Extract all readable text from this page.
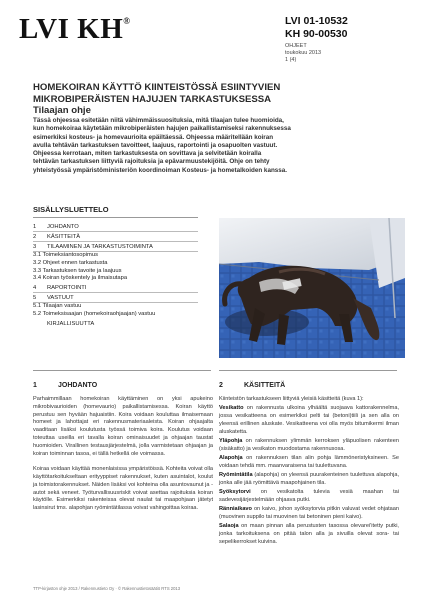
LVI KH®	LVI 01-10532
KH 90-00530
OHJEET
toukokuu 2013
1 (4)
HOMEKOIRAN KÄYTTÖ KIINTEISTÖSSÄ ESIINTYVIEN
MIKROBIPERÄISTEN HAJUJEN TARKASTUKSESSA
Tilaajan ohje
Tässä ohjeessa esitetään niitä vähimmäissuosituksia, mitä tilaajan tulee huomioida,
kun homekoiraa käytetään mikrobiperäisten hajujen paikallistamiseksi rakennuksessa
esimerkiksi kosteus- ja homevaurioita epäiltäessä. Ohjeessa määritellään koiran
avulla tehtävän tarkastuksen tavoitteet, laajuus, raportointi ja osapuolten vastuut.
Ohjeessa kerrotaan, miten tarkastuksesta on sovittava ja selvitetään koiralla
tehtävän tarkastuksen liittyviä rajoituksia ja epävarmuustekijöitä. Ohje on tehty
yhteistyössä ympäristöministeriön koordinoiman Kosteus- ja hometalkoiden kanssa.
SISÄLLYSLUETTELO
1	JOHDANTO
2	KÄSITTEITÄ
3	TILAAMINEN JA TARKASTUSTOIMINTA
3.1 Toimeksiantosopimus
3.2 Ohjeet ennen tarkastusta
3.3 Tarkastuksen tavoite ja laajuus
3.4 Koiran työskentely ja ilmaisutapa
4	RAPORTOINTI
5	VASTUUT
5.1 Tilaajan vastuu
5.2 Toimeksisaajan (homekoiraohjaajan) vastuu
KIRJALLISUUTTA
1	JOHDANTO	2	KÄSITTEITÄ

Parhaimmillaan homekoiran käyttäminen on yksi apukeino mikrobivaurioiden (homevaurio) paikallistamisessa. Koiran käyttö perustuu sen hyvään hajuaistiin. Koira voidaan kouluttaa ilmaisemaan homeet ja lahottajat eri rakennusmateriaaleista. Koiran ohjaajalta vaaditaan lisäksi koulutusta työssä toimiva koira. Koulutus voidaan toteuttaa useilla eri tavalla koiran ominaisuudet ja ohjaajan taustat huomioiden. Virallinen testausjärjestelmä, jolla varmistetaan ohjaajan ja koiran toiminnan tasoa, ei tällä hetkellä ole voimassa.

Koiraa voidaan käyttää monenlaisissa ympäristöissä. Kohteita voivat olla käyttötarkoitukseltaan erityyppiset rakennukset, kuten asuintalot, koulut ja toimistorakennukset. Näiden lisäksi voi kohteina olla asuntovaunut ja -autot sekä veneet. Työturvallisuusriskit voivat asettaa rajoituksia koiran käytölle. Esimerkiksi rakenteissa olevat naulat tai maapohjaan jätetyt lasinsirut tms. alapohjan ryömintätilassa voivat vahingoittaa koiraa.

Kiinteistön tarkastukseen liittyviä yleisiä käsitteitä (kuva 1):

Vesikatto on rakennusta ulkoina ylhäältä suojaava kattorakennelma, jossa vesikatteena on esimerkiksi pelti tai (betoni)tiili ja sen alla on yleensä erillinen aluskate. Vesikatteena voi olla myös bitumikermi ilman aluskatetta.

Yläpohja on rakennuksen ylimmän kerroksen yläpuolisen rakenteen (sisäkatto) ja vesikaton muodostama rakennusosa.

Alapohja on rakennuksen tilan alin pohja lämmöneristyksineen. Se voidaan tehdä mm. maanvaraisena tai tuulettuvana.

Ryömintätila (alapohja) on yleensä puurakenteinen tuulettuva alapohja, jonka alle jää ryömittävä maapohjainen tila.

Syöksytorvi on vesikatolta tulevia vesiä maahan tai sadevesijärjestelmään ohjaava putki.

Ränniaikavo on kaivo, johon syöksytorvia pitkin valuvat vedet ohjataan (muovinen suppilo tai muovinen tai betoninen pieni kaivo).

Salaoja on maan pinnan alla perustusten tasossa olevarei'itetty putki, jonka tarkoituksena on pitää talon alla ja sivuilla olevat sora- tai sepelikerrokset kuivina.

TTP-kirjaston ohje 2013 / Rakennustieto Oy · © Rakennustietosäätiö RTS 2013
